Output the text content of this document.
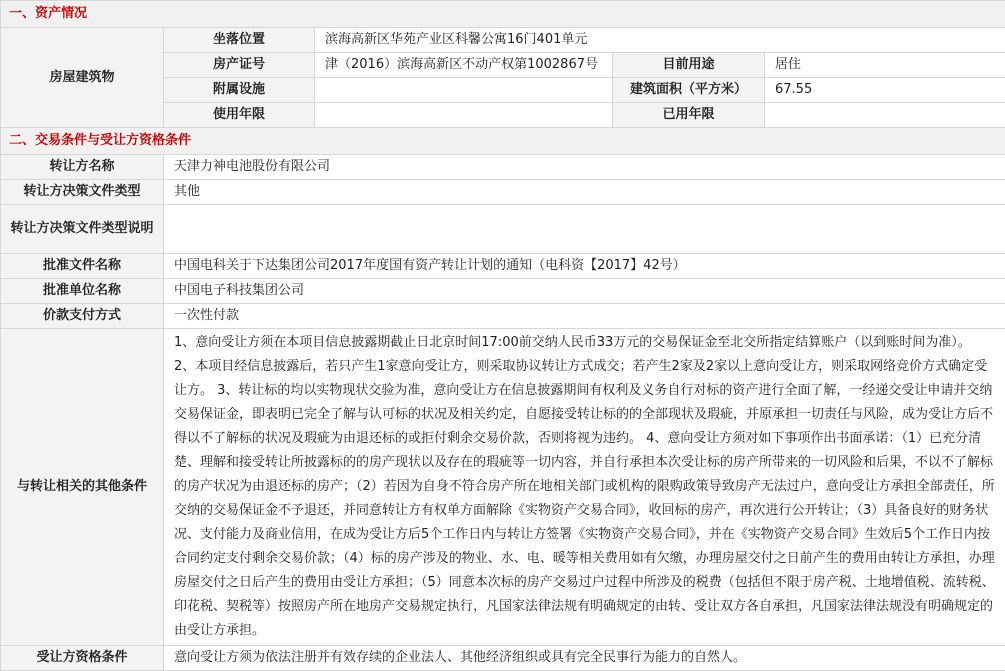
一、资产情况				
房屋建筑物	坐落位置	滨海高新区华苑产业区科馨公寓16门401单元		
	房产证号	津（2016）滨海高新区不动产权第1002867号	目前用途	居住
	附属设施		建筑面积（平方米）	67.55
	使用年限		已用年限	
二、交易条件与受让方资格条件	
转让方名称	天津力神电池股份有限公司
转让方决策文件类型	其他
转让方决策文件类型说明	
批准文件名称	中国电科关于下达集团公司2017年度国有资产转让计划的通知（电科资【2017】42号）
批准单位名称	中国电子科技集团公司
价款支付方式	一次性付款
与转让相关的其他条件	1、意向受让方须在本项目信息披露期截止日北京时间17:00前交纳人民币33万元的交易保证金至北交所指定结算账户（以到账时间为准）。 2、本项目经信息披露后，若只产生1家意向受让方，则采取协议转让方式成交；若产生2家及2家以上意向受让方，则采取网络竞价方式确定受让方。 3、转让标的均以实物现状交验为准，意向受让方在信息披露期间有权利及义务自行对标的资产进行全面了解，一经递交受让申请并交纳交易保证金，即表明已完全了解与认可标的状况及相关约定，自愿接受转让标的的全部现状及瑕疵，并原承担一切责任与风险，成为受让方后不得以不了解标的状况及瑕疵为由退还标的或拒付剩余交易价款，否则将视为违约。 4、意向受让方须对如下事项作出书面承诺：（1）已充分清楚、理解和接受转让所披露标的的房产现状以及存在的瑕疵等一切内容，并自行承担本次受让标的房产所带来的一切风险和后果，不以不了解标的房产状况为由退还标的房产；（2）若因为自身不符合房产所在地相关部门或机构的限购政策导致房产无法过户，意向受让方承担全部责任，所交纳的交易保证金不予退还，并同意转让方有权单方面解除《实物资产交易合同》，收回标的房产，再次进行公开转让；（3）具备良好的财务状况、支付能力及商业信用，在成为受让方后5个工作日内与转让方签署《实物资产交易合同》，并在《实物资产交易合同》生效后5个工作日内按合同约定支付剩余交易价款；（4）标的房产涉及的物业、水、电、暖等相关费用如有欠缴，办理房屋交付之日前产生的费用由转让方承担，办理房屋交付之日后产生的费用由受让方承担；（5）同意本次标的房产交易过户过程中所涉及的税费（包括但不限于房产税、土地增值税、流转税、印花税、契税等）按照房产所在地房产交易规定执行，凡国家法律法规有明确规定的由转、受让双方各自承担，凡国家法律法规没有明确规定的由受让方承担。
受让方资格条件	意向受让方须为依法注册并有效存续的企业法人、其他经济组织或具有完全民事行为能力的自然人。
